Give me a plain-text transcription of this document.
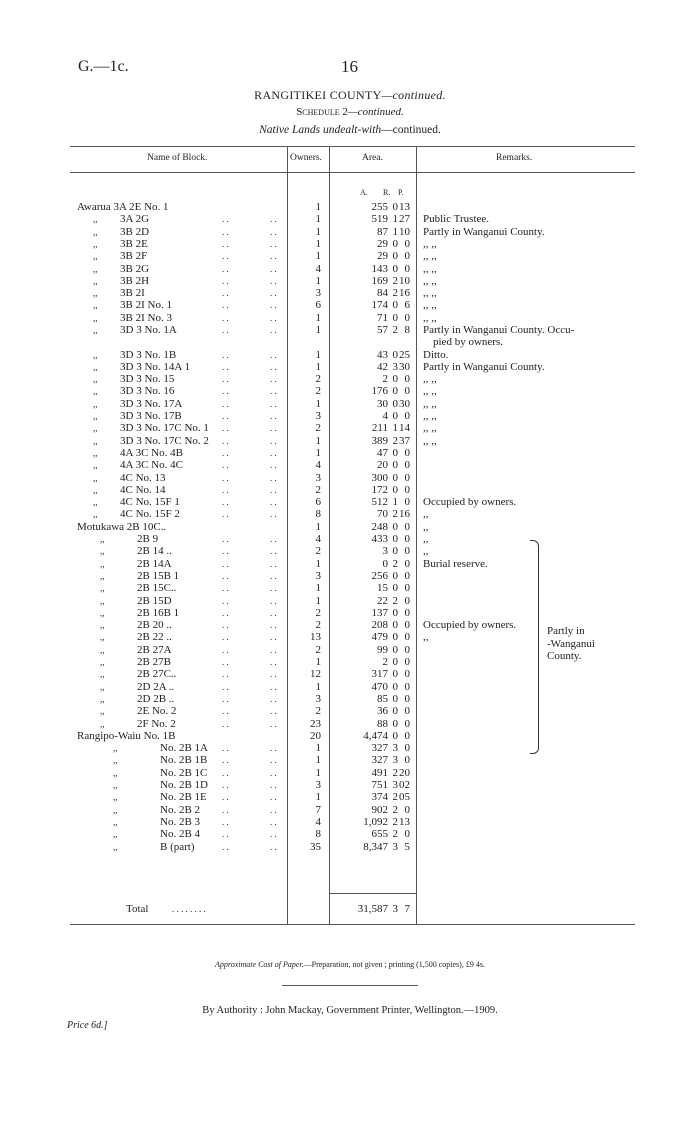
G.—1c.	16
RANGITIKEI COUNTY—continued.
Schedule 2—continued.
Native Lands undealt-with—continued.
Name of Block.	Owners.	Area.	Remarks.
A. R. P.
Awarua 3A 2E No. 1	1	255 0 13
,, 3A 2G	1	519 1 27 Public Trustee.
. .	. .
,, 3B 2D	1	87 1 10 Partly in Wanganui County.
. .	. .
,, 3B 2E	1	29 0 0 ,, ,,
. .	. .
,, 3B 2F	1	29 0 0 ,, ,,
. .	. .
,, 3B 2G	4	143 0 0 ,, ,,
. .	. .
,, 3B 2H	1	169 2 10 ,, ,,
. .	. .
,, 3B 2I	3	84 2 16 ,, ,,
. .	. .
,, 3B 2I No. 1	6	174 0 6 ,, ,,
. .	. .
,, 3B 2I No. 3	1	71 0 0 ,, ,,
. .	. .
,, 3D 3 No. 1A	1	57 2 8 Partly in Wanganui County. Occu-
pied by owners.
. .	. .
,, 3D 3 No. 1B	1	43 0 25 Ditto.
. .	. .
,, 3D 3 No. 14A 1	1	42 3 30 Partly in Wanganui County.
. .	. .
,, 3D 3 No. 15	2	2 0 0 ,, ,,
. .	. .
,, 3D 3 No. 16	2	176 0 0 ,, ,,
. .	. .
,, 3D 3 No. 17A	1	30 0 30 ,, ,,
. .	. .
,, 3D 3 No. 17B	3	4 0 0 ,, ,,
. .	. .
,, 3D 3 No. 17C No. 1	2	211 1 14 ,, ,,
. .	. .
,, 3D 3 No. 17C No. 2	1	389 2 37 ,, ,,
. .	. .
,, 4A 3C No. 4B	1	47 0 0
. .	. .
,, 4A 3C No. 4C	4	20 0 0
. .	. .
,, 4C No. 13	3	300 0 0
. .	. .
,, 4C No. 14	2	172 0 0
. .	. .
,, 4C No. 15F 1	6	512 1 0 Occupied by owners.
. .	. .
,, 4C No. 15F 2	8	70 2 16 ,,
. .	. .
Motukawa 2B 10C..	1	248 0 0 ,,
,,	2B 9	4	433 0 0 ,,
. .	. .
,,	2B 14 ..	2	3 0 0 ,,
. .	. .
,,	2B 14A	1	0 2 0 Burial reserve.
. .	. .
,,	2B 15B 1	3	256 0 0
. .	. .
,,	2B 15C..	1	15 0 0
. .	. .
,,	2B 15D	1	22 2 0
. .	. .
,,	2B 16B 1	2	137 0 0
. .	. .
,,	2B 20 ..	2	208 0 0 Occupied by owners.
. .	. .
,,	2B 22 ..	13	479 0 0 ,,
. .	. .
,,	2B 27A	2	99 0 0
. .	. .
,,	2B 27B	1	2 0 0
. .	. .
,,	2B 27C..	12	317 0 0
. .	. .
,,	2D 2A ..	1	470 0 0
. .	. .
,,	2D 2B ..	3	85 0 0
. .	. .
,,	2E No. 2	2	36 0 0
. .	. .
,,	2F No. 2	23	88 0 0
. .	. .
Rangipo-Waiu No. 1B	20	4,474 0 0
,,	No. 2B 1A	1	327 3 0
. .	. .
,,	No. 2B 1B	1	327 3 0
. .	. .
,,	No. 2B 1C	1	491 2 20
. .	. .
,,	No. 2B 1D	3	751 3 02
. .	. .
,,	No. 2B 1E	1	374 2 05
. .	. .
,,	No. 2B 2	7	902 2 0
. .	. .
,,	No. 2B 3	4	1,092 2 13
. .	. .
,,	No. 2B 4	8	655 2 0
. .	. .
,,	B (part)	35	8,347 3 5
. .	. .
Partly in
-Wanganui
County.
Total	. . . . . . . .	31,587 3 7
Approximate Cost of Paper.—Preparation, not given ; printing (1,500 copies), £9 4s.
By Authority : John Mackay, Government Printer, Wellington.—1909.
Price 6d.]
